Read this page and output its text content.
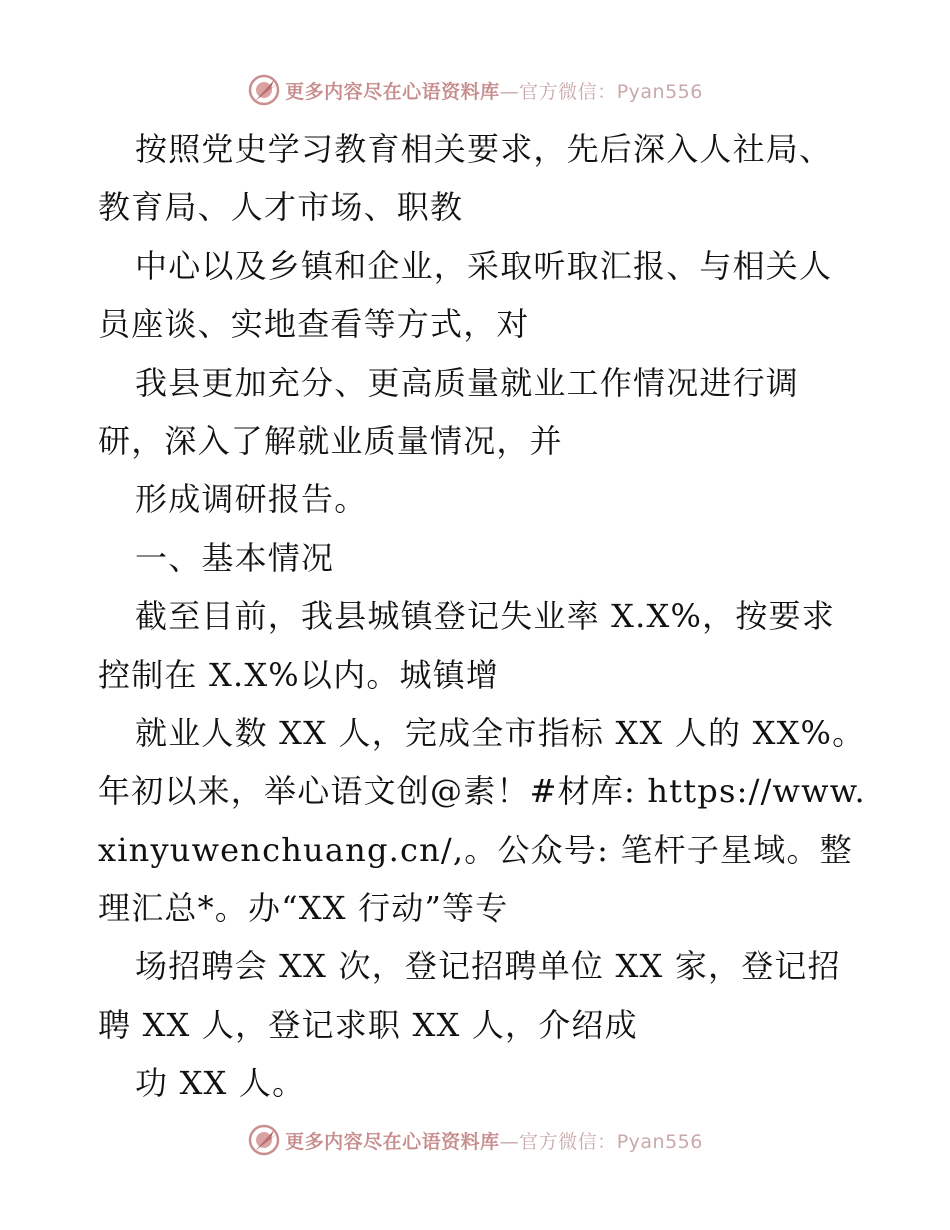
更多内容尽在心语资料库—官方微信：Pyan556
按照党史学习教育相关要求，先后深入人社局、
教育局、人才市场、职教
中心以及乡镇和企业，采取听取汇报、与相关人
员座谈、实地查看等方式，对
我县更加充分、更高质量就业工作情况进行调
研，深入了解就业质量情况，并
形成调研报告。
一、基本情况
截至目前，我县城镇登记失业率 X.X%，按要求
控制在 X.X%以内。城镇增
就业人数 XX 人，完成全市指标 XX 人的 XX%。
年初以来，举心语文创@素！#材库: https://www.
xinyuwenchuang.cn/,。公众号: 笔杆子星域。整
理汇总*。办“XX 行动”等专
场招聘会 XX 次，登记招聘单位 XX 家，登记招
聘 XX 人，登记求职 XX 人，介绍成
功 XX 人。
更多内容尽在心语资料库—官方微信：Pyan556
